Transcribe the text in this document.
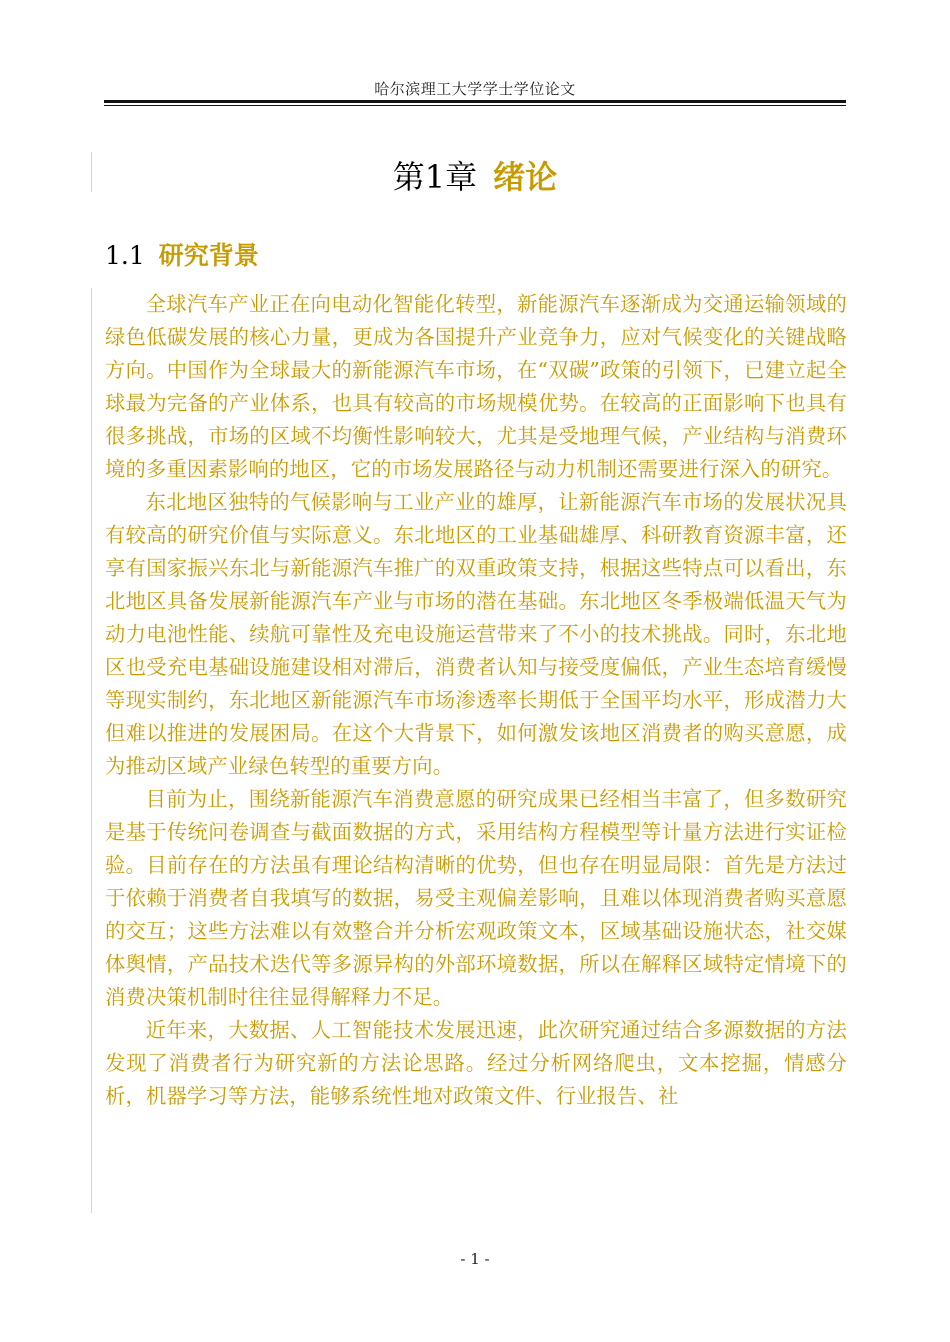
哈尔滨理工大学学士学位论文
第1章 绪论
1.1 研究背景

全球汽车产业正在向电动化智能化转型，新能源汽车逐渐成为交通运输领域的绿色低碳发展的核心力量，更成为各国提升产业竞争力，应对气候变化的关键战略方向。中国作为全球最大的新能源汽车市场，在“双碳”政策的引领下，已建立起全球最为完备的产业体系，也具有较高的市场规模优势。在较高的正面影响下也具有很多挑战，市场的区域不均衡性影响较大，尤其是受地理气候，产业结构与消费环境的多重因素影响的地区，它的市场发展路径与动力机制还需要进行深入的研究。

东北地区独特的气候影响与工业产业的雄厚，让新能源汽车市场的发展状况具有较高的研究价值与实际意义。东北地区的工业基础雄厚、科研教育资源丰富，还享有国家振兴东北与新能源汽车推广的双重政策支持，根据这些特点可以看出，东北地区具备发展新能源汽车产业与市场的潜在基础。东北地区冬季极端低温天气为动力电池性能、续航可靠性及充电设施运营带来了不小的技术挑战。同时，东北地区也受充电基础设施建设相对滞后，消费者认知与接受度偏低，产业生态培育缓慢等现实制约，东北地区新能源汽车市场渗透率长期低于全国平均水平，形成潜力大但难以推进的发展困局。在这个大背景下，如何激发该地区消费者的购买意愿，成为推动区域产业绿色转型的重要方向。

目前为止，围绕新能源汽车消费意愿的研究成果已经相当丰富了，但多数研究是基于传统问卷调查与截面数据的方式，采用结构方程模型等计量方法进行实证检验。目前存在的方法虽有理论结构清晰的优势，但也存在明显局限：首先是方法过于依赖于消费者自我填写的数据，易受主观偏差影响，且难以体现消费者购买意愿的交互；这些方法难以有效整合并分析宏观政策文本，区域基础设施状态，社交媒体舆情，产品技术迭代等多源异构的外部环境数据，所以在解释区域特定情境下的消费决策机制时往往显得解释力不足。

近年来，大数据、人工智能技术发展迅速，此次研究通过结合多源数据的方法发现了消费者行为研究新的方法论思路。经过分析网络爬虫，文本挖掘，情感分析，机器学习等方法，能够系统性地对政策文件、行业报告、社

- 1 -
